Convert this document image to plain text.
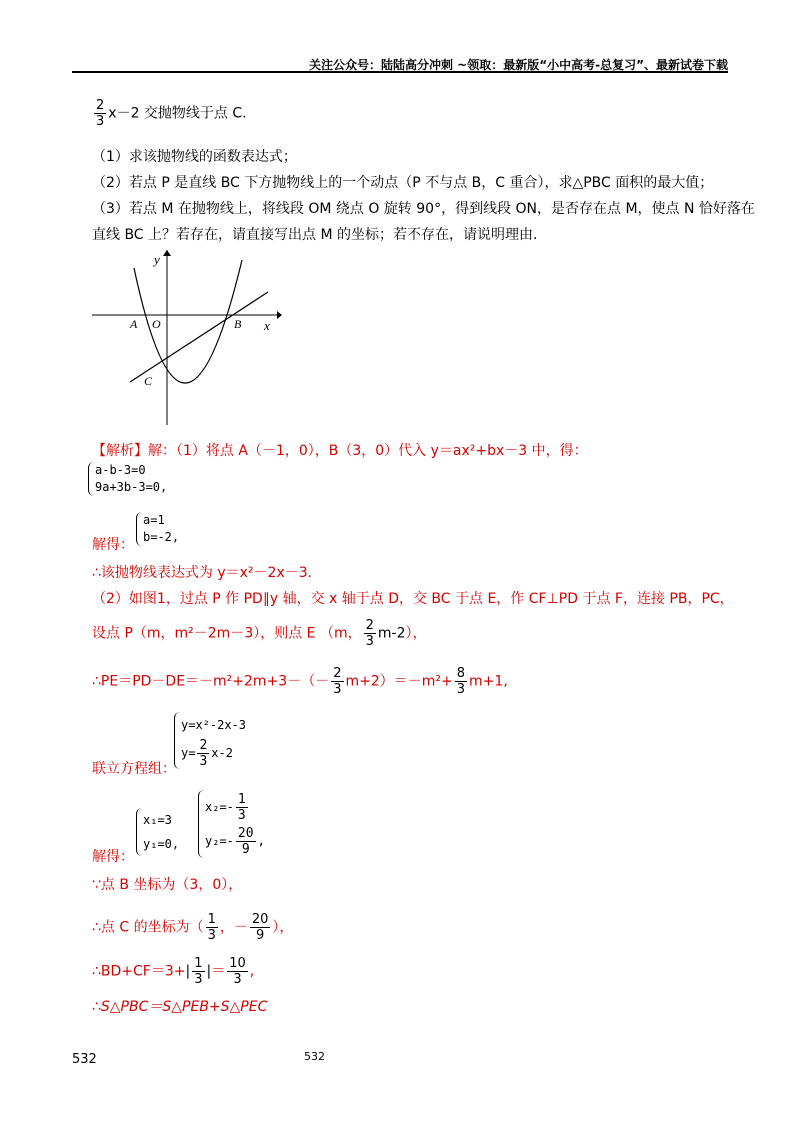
关注公众号：陆陆高分冲刺 ~领取：最新版“小中高考-总复习”、最新试卷下载
$\frac{2}{3} x-2$ 交抛物线于点 C.
（1）求该抛物线的函数表达式；
（2）若点 P 是直线 BC 下方抛物线上的一个动点（P 不与点 B，C 重合），求△PBC 面积的最大值；
（3）若点 M 在抛物线上，将线段 OM 绕点 O 旋转 90°，得到线段 ON，是否存在点 M，使点 N 恰好落在
直线 BC 上？若存在，请直接写出点 M 的坐标；若不存在，请说明理由.
y
x
A O	B
C
【解析】解：（1）将点 A（－1，0），B（3，0）代入 y＝ax²+bx－3 中，得：
a-b-3=0
9a+3b-3=0,
解得：
a=1
b=-2,
∴该抛物线表达式为 y＝x²－2x－3.
（2）如图1，过点 P 作 PD∥y 轴，交 x 轴于点 D，交 BC 于点 E，作 CF⊥PD 于点 F，连接 PB，PC，
设点 P（m，m²－2m－3），则点 E （m， $\frac{2}{3} m-2$），
∴PE＝PD－DE＝－m²+2m+3－（－ $\frac{2}{3} m+2)=-m^2+ \frac{8}{3} m+1$,
联立方程组：
y=x²-2x-3
$y= \frac{2}{3} x-2$
解得：
x₁=3
y₁=0,
$x_2=- \frac{1}{3}$
$y_2=- \frac{20}{9}$ ,
∵点 B 坐标为（3，0），
∴点 C 的坐标为（ $\frac{1}{3}$ ，－ $\frac{20}{9}$ ），
∴BD+CF＝3+| $\frac{1}{3}$ |＝ $\frac{10}{3}$ ,
∴S△PBC＝S△PEB+S△PEC
532	532
